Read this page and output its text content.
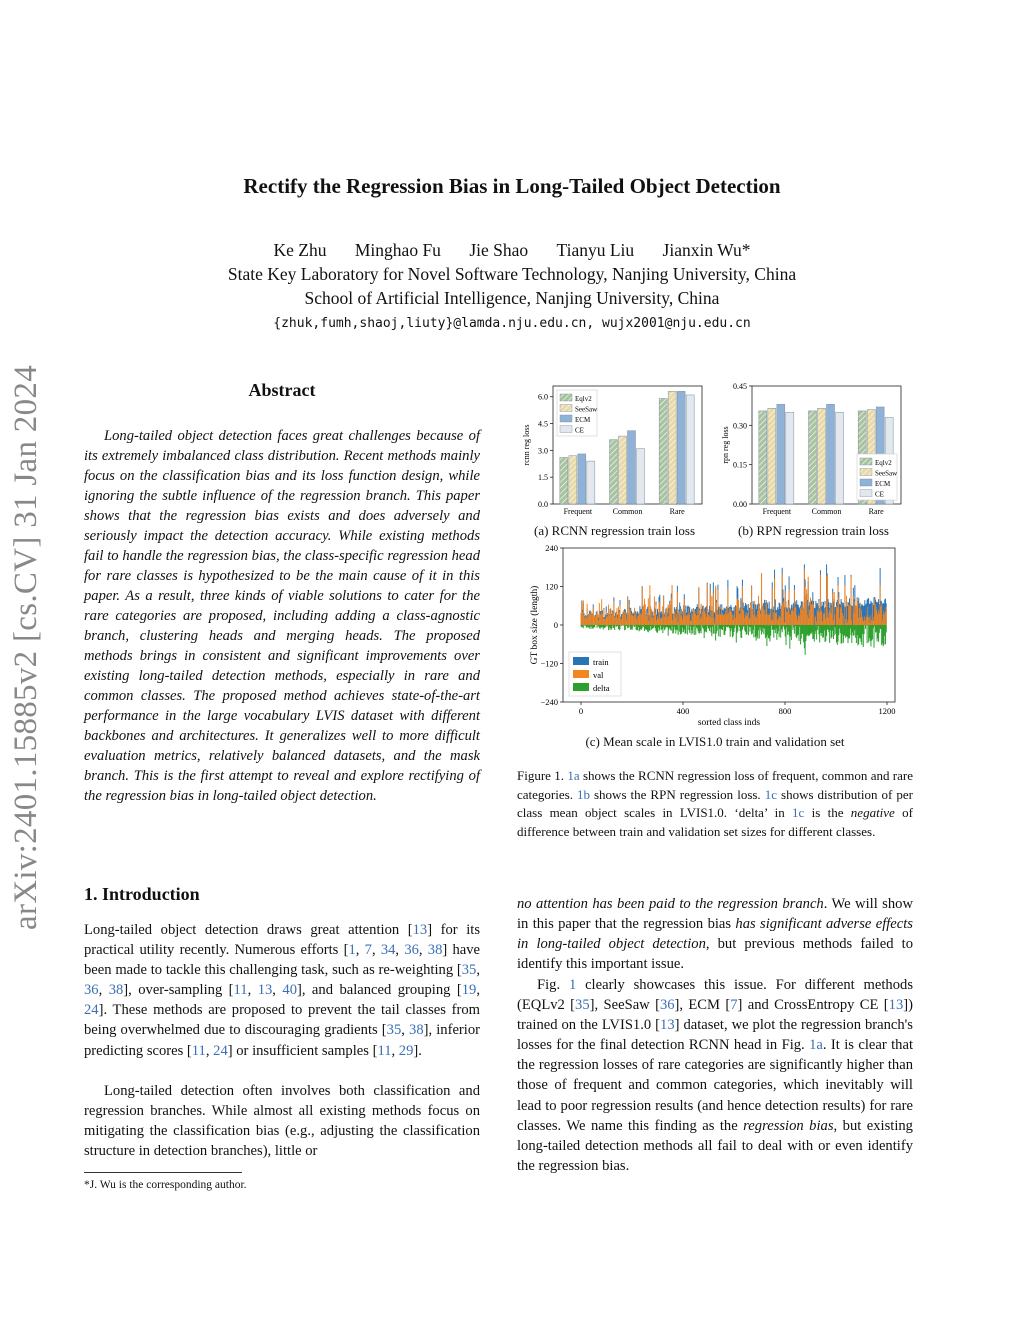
Rectify the Regression Bias in Long-Tailed Object Detection
Ke Zhu Minghao Fu Jie Shao Tianyu Liu Jianxin Wu*
State Key Laboratory for Novel Software Technology, Nanjing University, China
School of Artificial Intelligence, Nanjing University, China
{zhuk,fumh,shaoj,liuty}@lamda.nju.edu.cn, wujx2001@nju.edu.cn
arXiv:2401.15885v2 [cs.CV] 31 Jan 2024	Abstract
Long-tailed object detection faces great challenges because of its extremely imbalanced class distribution. Recent methods mainly focus on the classification bias and its loss function design, while ignoring the subtle influence of the regression branch. This paper shows that the regression bias exists and does adversely and seriously impact the detection accuracy. While existing methods fail to handle the regression bias, the class-specific regression head for rare classes is hypothesized to be the main cause of it in this paper. As a result, three kinds of viable solutions to cater for the rare categories are proposed, including adding a class-agnostic branch, clustering heads and merging heads. The proposed methods brings in consistent and significant improvements over existing long-tailed detection methods, especially in rare and common classes. The proposed method achieves state-of-the-art performance in the large vocabulary LVIS dataset with different backbones and architectures. It generalizes well to more difficult evaluation metrics, relatively balanced datasets, and the mask branch. This is the first attempt to reveal and explore rectifying of the regression bias in long-tailed object detection.
1. Introduction
Long-tailed object detection draws great attention [13] for its practical utility recently. Numerous efforts [1, 7, 34, 36, 38] have been made to tackle this challenging task, such as re-weighting [35, 36, 38], over-sampling [11, 13, 40], and balanced grouping [19, 24]. These methods are proposed to prevent the tail classes from being overwhelmed due to discouraging gradients [35, 38], inferior predicting scores [11, 24] or insufficient samples [11, 29].
Long-tailed detection often involves both classification and regression branches. While almost all existing methods focus on mitigating the classification bias (e.g., adjusting the classification structure in detection branches), little or
*J. Wu is the corresponding author.
no attention has been paid to the regression branch. We will show in this paper that the regression bias has significant adverse effects in long-tailed object detection, but previous methods failed to identify this important issue.
Fig. 1 clearly showcases this issue. For different methods (EQLv2 [35], SeeSaw [36], ECM [7] and CrossEntropy CE [13]) trained on the LVIS1.0 [13] dataset, we plot the regression branch's losses for the final detection RCNN head in Fig. 1a. It is clear that the regression losses of rare categories are significantly higher than those of frequent and common categories, which inevitably will lead to poor regression results (and hence detection results) for rare classes. We name this finding as the regression bias, but existing long-tailed detection methods all fail to deal with or even identify the regression bias.
0.0
1.5
3.0
4.5
6.0
rcnn reg loss
Frequent	Common	Rare
Eqlv2
SeeSaw
ECM
CE
0.00
0.15
0.30
0.45
rpn reg loss
Frequent	Common	Rare
Eqlv2
SeeSaw
ECM
CE
(a) RCNN regression train loss	(b) RPN regression train loss
−240
−120
0
120
240
0	400	800	1200
sorted class inds
GT box size (length)	train
val
delta
(c) Mean scale in LVIS1.0 train and validation set
Figure 1. 1a shows the RCNN regression loss of frequent, common and rare categories. 1b shows the RPN regression loss. 1c shows distribution of per class mean object scales in LVIS1.0. ‘delta’ in 1c is the negative of difference between train and validation set sizes for different classes.
